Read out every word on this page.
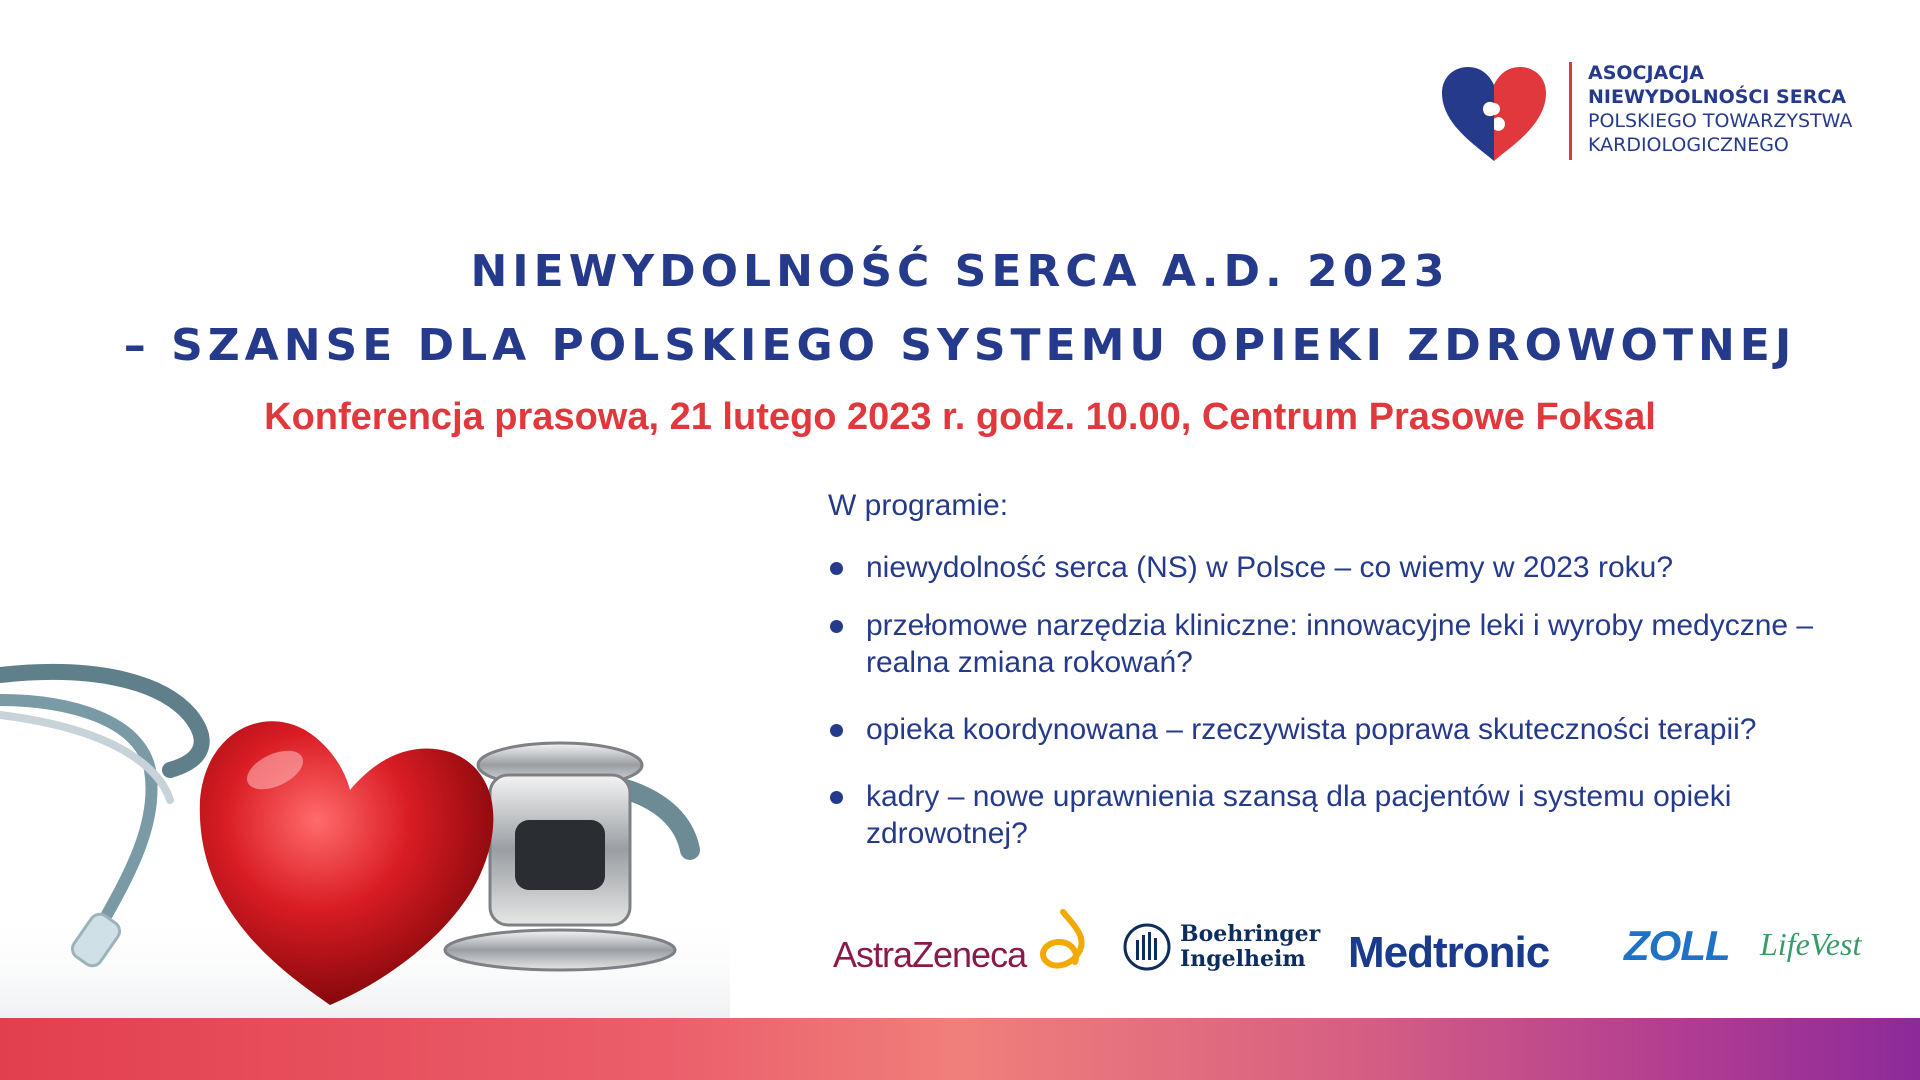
ASOCJACJA
NIEWYDOLNOŚCI SERCA
POLSKIEGO TOWARZYSTWA
KARDIOLOGICZNEGO
NIEWYDOLNOŚĆ SERCA A.D. 2023
– SZANSE DLA POLSKIEGO SYSTEMU OPIEKI ZDROWOTNEJ
Konferencja prasowa, 21 lutego 2023 r. godz. 10.00, Centrum Prasowe Foksal
W programie:
niewydolność serca (NS) w Polsce – co wiemy w 2023 roku?
przełomowe narzędzia kliniczne: innowacyjne leki i wyroby medyczne – realna zmiana rokowań?
opieka koordynowana – rzeczywista poprawa skuteczności terapii?
kadry – nowe uprawnienia szansą dla pacjentów i systemu opieki zdrowotnej?
AstraZeneca	Boehringer
Ingelheim Medtronic ZOLL LifeVest
